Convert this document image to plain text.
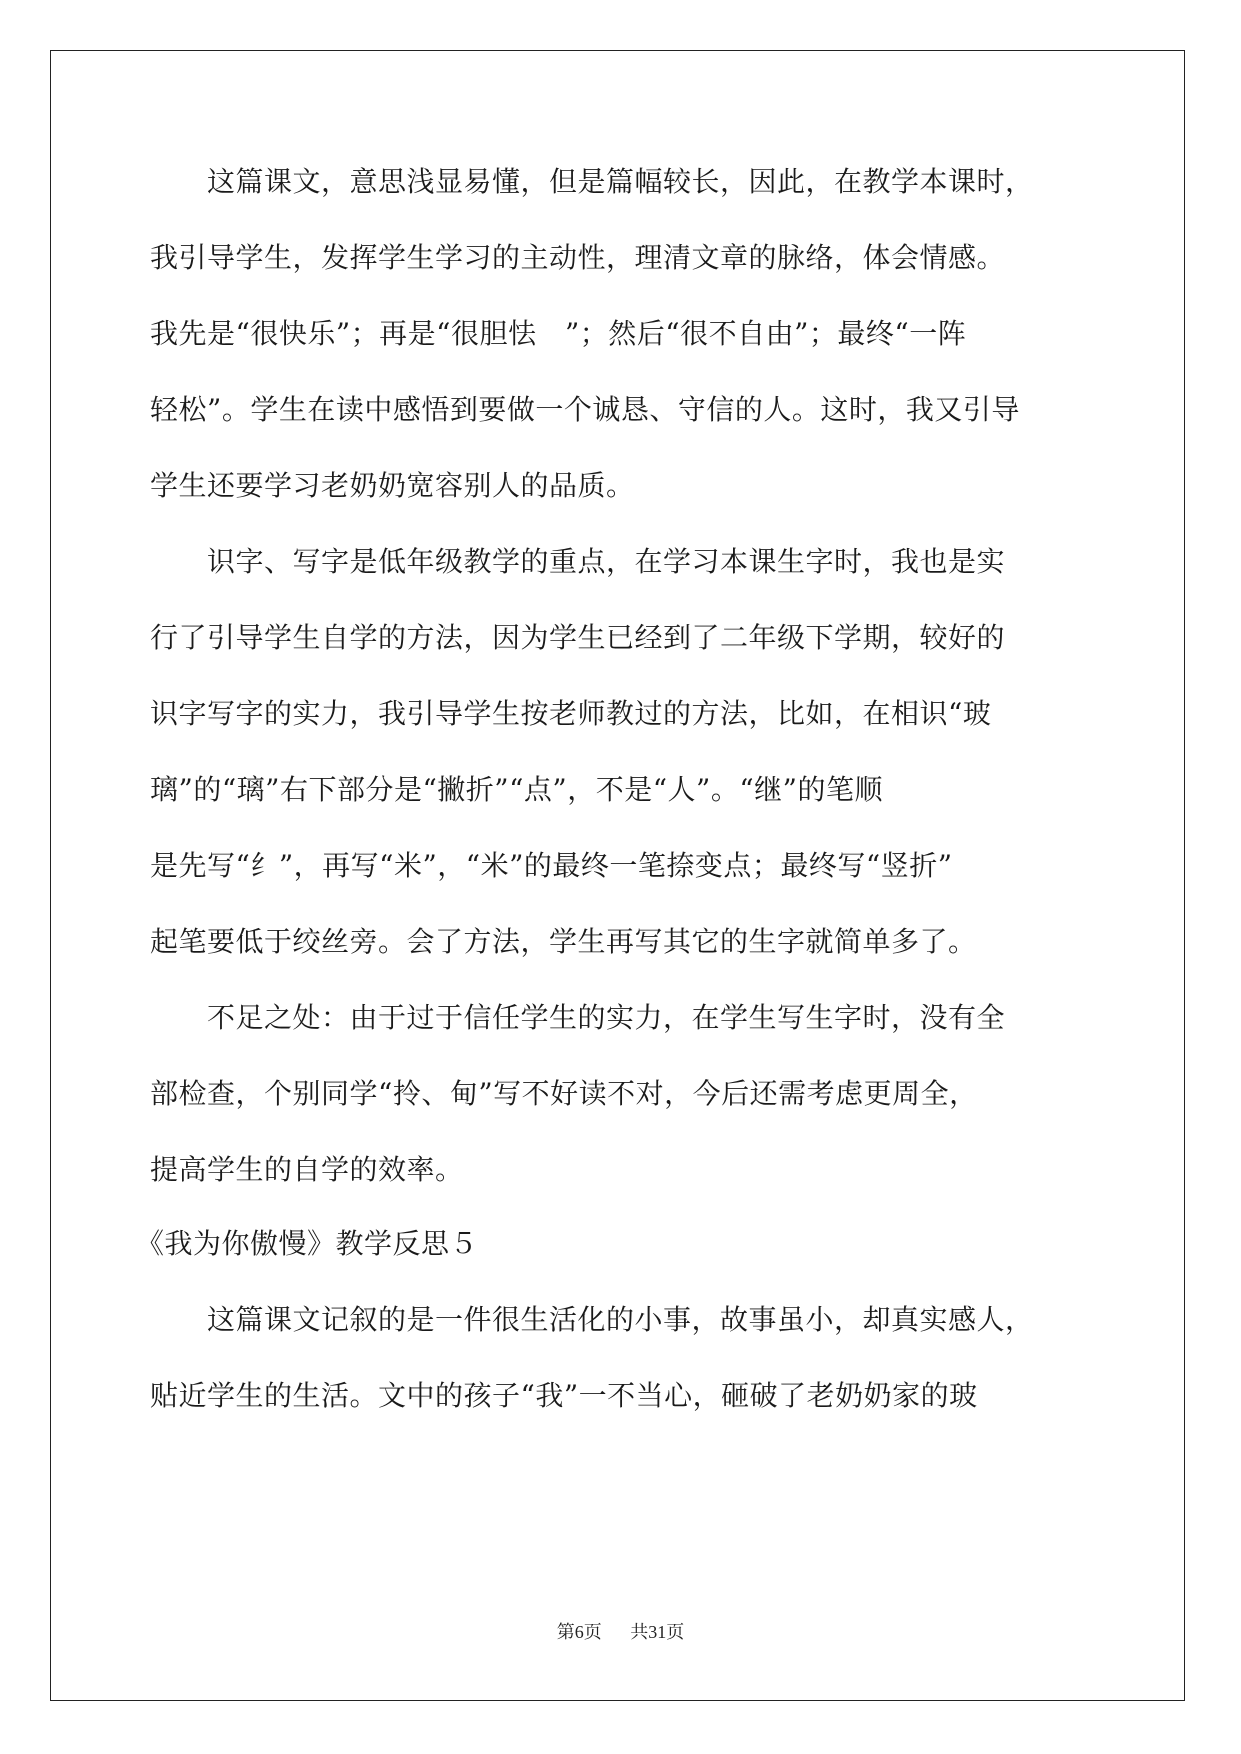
　　这篇课文，意思浅显易懂，但是篇幅较长，因此，在教学本课时，
我引导学生，发挥学生学习的主动性，理清文章的脉络，体会情感。
我先是“很快乐”；再是“很胆怯　”；然后“很不自由”；最终“一阵
轻松”。学生在读中感悟到要做一个诚恳、守信的人。这时，我又引导
学生还要学习老奶奶宽容别人的品质。
　　识字、写字是低年级教学的重点，在学习本课生字时，我也是实
行了引导学生自学的方法，因为学生已经到了二年级下学期，较好的
识字写字的实力，我引导学生按老师教过的方法，比如，在相识“玻
璃”的“璃”右下部分是“撇折”“点”，不是“人”。“继”的笔顺
是先写“纟”，再写“米”，“米”的最终一笔捺变点；最终写“竖折”
起笔要低于绞丝旁。会了方法，学生再写其它的生字就简单多了。
　　不足之处：由于过于信任学生的实力，在学生写生字时，没有全
部检查，个别同学“拎、甸”写不好读不对，今后还需考虑更周全，
提高学生的自学的效率。
《我为你傲慢》教学反思５
　　这篇课文记叙的是一件很生活化的小事，故事虽小，却真实感人，
贴近学生的生活。文中的孩子“我”一不当心，砸破了老奶奶家的玻
第6页 共31页
